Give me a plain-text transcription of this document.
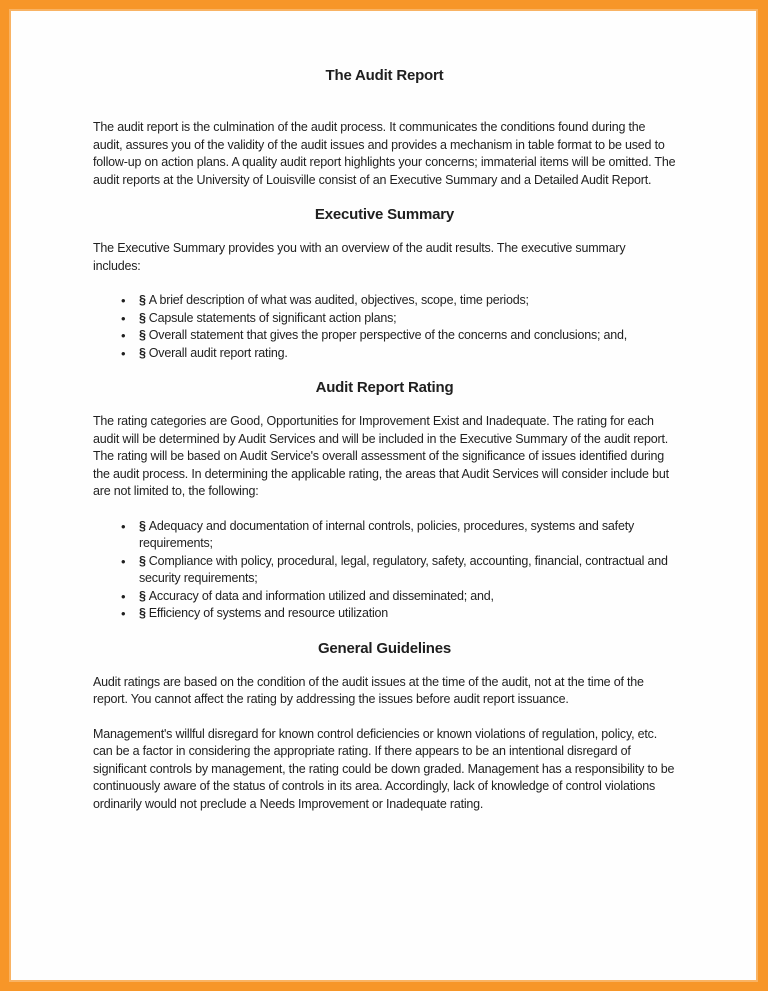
The Audit Report

The audit report is the culmination of the audit process. It communicates the conditions found during the audit, assures you of the validity of the audit issues and provides a mechanism in table format to be used to follow-up on action plans. A quality audit report highlights your concerns; immaterial items will be omitted. The audit reports at the University of Louisville consist of an Executive Summary and a Detailed Audit Report.

Executive Summary

The Executive Summary provides you with an overview of the audit results. The executive summary includes:

• § A brief description of what was audited, objectives, scope, time periods;
• § Capsule statements of significant action plans;
• § Overall statement that gives the proper perspective of the concerns and conclusions; and,
• § Overall audit report rating.
Audit Report Rating

The rating categories are Good, Opportunities for Improvement Exist and Inadequate. The rating for each audit will be determined by Audit Services and will be included in the Executive Summary of the audit report. The rating will be based on Audit Service's overall assessment of the significance of issues identified during the audit process. In determining the applicable rating, the areas that Audit Services will consider include but are not limited to, the following:

• § Adequacy and documentation of internal controls, policies, procedures, systems and safety requirements;
• § Compliance with policy, procedural, legal, regulatory, safety, accounting, financial, contractual and security requirements;
• § Accuracy of data and information utilized and disseminated; and,
• § Efficiency of systems and resource utilization
General Guidelines

Audit ratings are based on the condition of the audit issues at the time of the audit, not at the time of the report. You cannot affect the rating by addressing the issues before audit report issuance.

Management's willful disregard for known control deficiencies or known violations of regulation, policy, etc. can be a factor in considering the appropriate rating. If there appears to be an intentional disregard of significant controls by management, the rating could be down graded. Management has a responsibility to be continuously aware of the status of controls in its area. Accordingly, lack of knowledge of control violations ordinarily would not preclude a Needs Improvement or Inadequate rating.
